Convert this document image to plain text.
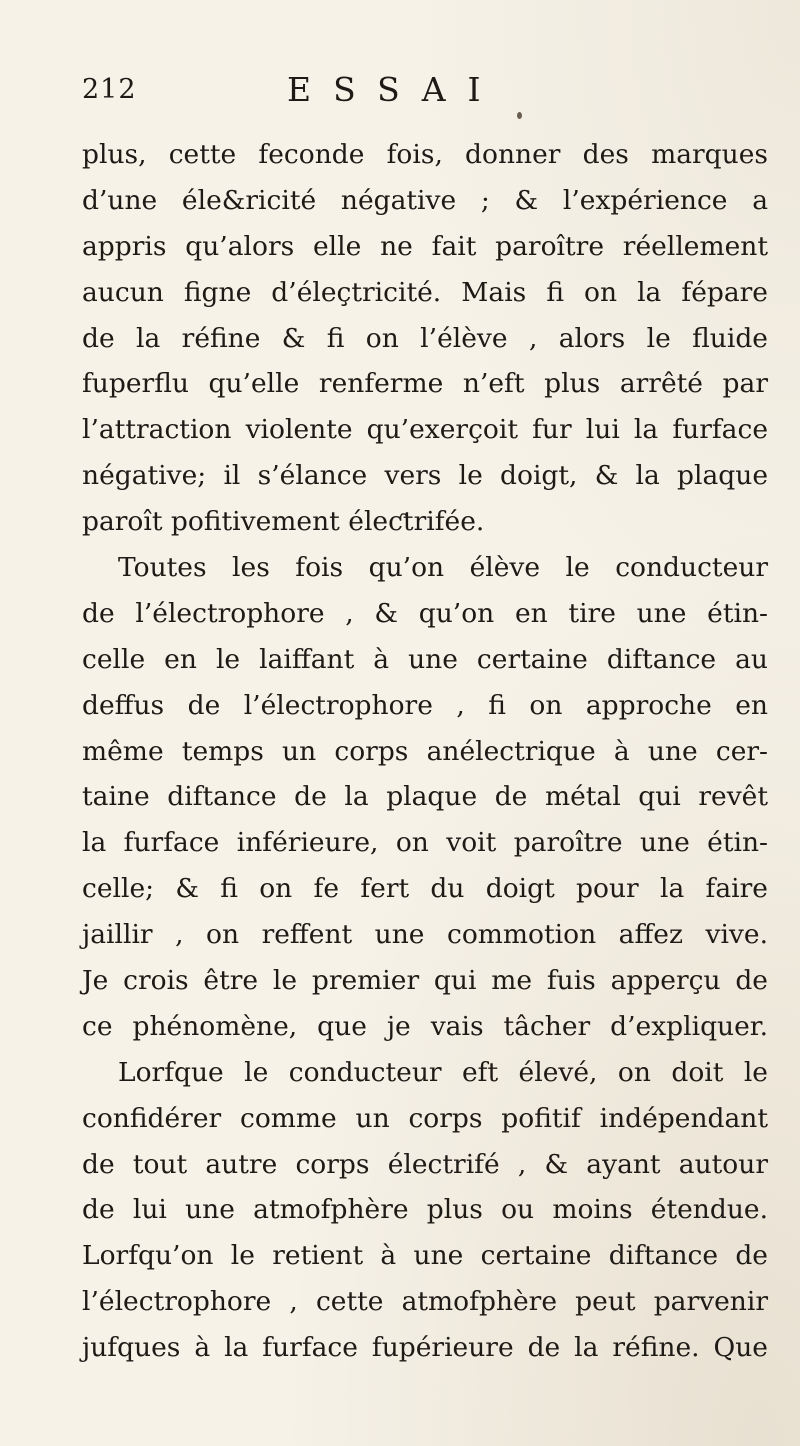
212	ESSAI
plus, cette feconde fois, donner des marques
d’une éle&ricité négative ; & l’expérience a
appris qu’alors elle ne fait paroître réellement
aucun figne d’éleҫtricité. Mais fi on la fépare
de la réfine & fi on l’élève , alors le fluide
fuperflu qu’elle renferme n’eft plus arrêté par
l’attraction violente qu’exerçoit fur lui la furface
négative; il s’élance vers le doigt, & la plaque
paroît pofitivement éleƈtrifée.
Toutes les fois qu’on élève le conducteur
de l’électrophore , & qu’on en tire une étin-
celle en le laiffant à une certaine diftance au
deffus de l’électrophore , fi on approche en
même temps un corps anélectrique à une cer-
taine diftance de la plaque de métal qui revêt
la furface inférieure, on voit paroître une étin-
celle; & fi on fe fert du doigt pour la faire
jaillir , on reffent une commotion affez vive.
Je crois être le premier qui me fuis apperçu de
ce phénomène, que je vais tâcher d’expliquer.
Lorfque le conducteur eft élevé, on doit le
confidérer comme un corps pofitif indépendant
de tout autre corps électrifé , & ayant autour
de lui une atmofphère plus ou moins étendue.
Lorfqu’on le retient à une certaine diftance de
l’électrophore , cette atmofphère peut parvenir
jufques à la furface fupérieure de la réfine. Que
